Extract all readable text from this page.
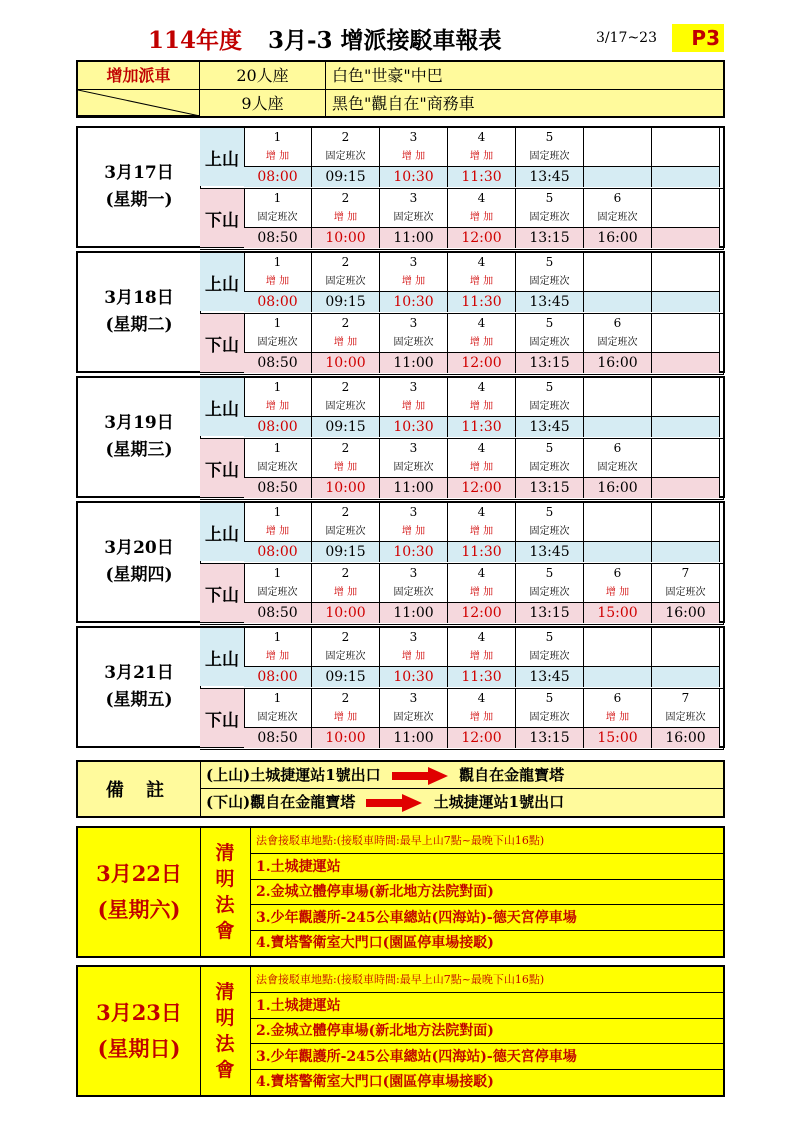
114年度 3月-3 增派接駁車報表	3/17~23	P3
增加派車	20人座	白色"世豪"中巴
9人座	黑色"觀自在"商務車
3月17日
(星期一)
上山
1	2	3	4	5
增 加	固定班次	增 加	增 加	固定班次
08:00	09:15	10:30	11:30	13:45
下山
1	2	3	4	5	6
固定班次	增 加	固定班次	增 加	固定班次	固定班次
08:50	10:00	11:00	12:00	13:15	16:00
3月18日
(星期二)
上山
1	2	3	4	5
增 加	固定班次	增 加	增 加	固定班次
08:00	09:15	10:30	11:30	13:45
下山
1	2	3	4	5	6
固定班次	增 加	固定班次	增 加	固定班次	固定班次
08:50	10:00	11:00	12:00	13:15	16:00
3月19日
(星期三)
上山
1	2	3	4	5
增 加	固定班次	增 加	增 加	固定班次
08:00	09:15	10:30	11:30	13:45
下山
1	2	3	4	5	6
固定班次	增 加	固定班次	增 加	固定班次	固定班次
08:50	10:00	11:00	12:00	13:15	16:00
3月20日
(星期四)
上山
1	2	3	4	5
增 加	固定班次	增 加	增 加	固定班次
08:00	09:15	10:30	11:30	13:45
下山
1	2	3	4	5	6	7
固定班次	增 加	固定班次	增 加	固定班次	增 加	固定班次
08:50	10:00	11:00	12:00	13:15	15:00	16:00
3月21日
(星期五)
上山
1	2	3	4	5
增 加	固定班次	增 加	增 加	固定班次
08:00	09:15	10:30	11:30	13:45
下山
1	2	3	4	5	6	7
固定班次	增 加	固定班次	增 加	固定班次	增 加	固定班次
08:50	10:00	11:00	12:00	13:15	15:00	16:00
備 註
(上山)土城捷運站1號出口	觀自在金龍寶塔
(下山)觀自在金龍寶塔	土城捷運站1號出口
3月22日
(星期六)
清
明
法
會
法會接駁車地點:(接駁車時間:最早上山7點~最晚下山16點)
1.土城捷運站
2.金城立體停車場(新北地方法院對面)
3.少年觀護所-245公車總站(四海站)-德天宮停車場
4.寶塔警衛室大門口(園區停車場接駁)
3月23日
(星期日)
清
明
法
會
法會接駁車地點:(接駁車時間:最早上山7點~最晚下山16點)
1.土城捷運站
2.金城立體停車場(新北地方法院對面)
3.少年觀護所-245公車總站(四海站)-德天宮停車場
4.寶塔警衛室大門口(園區停車場接駁)
